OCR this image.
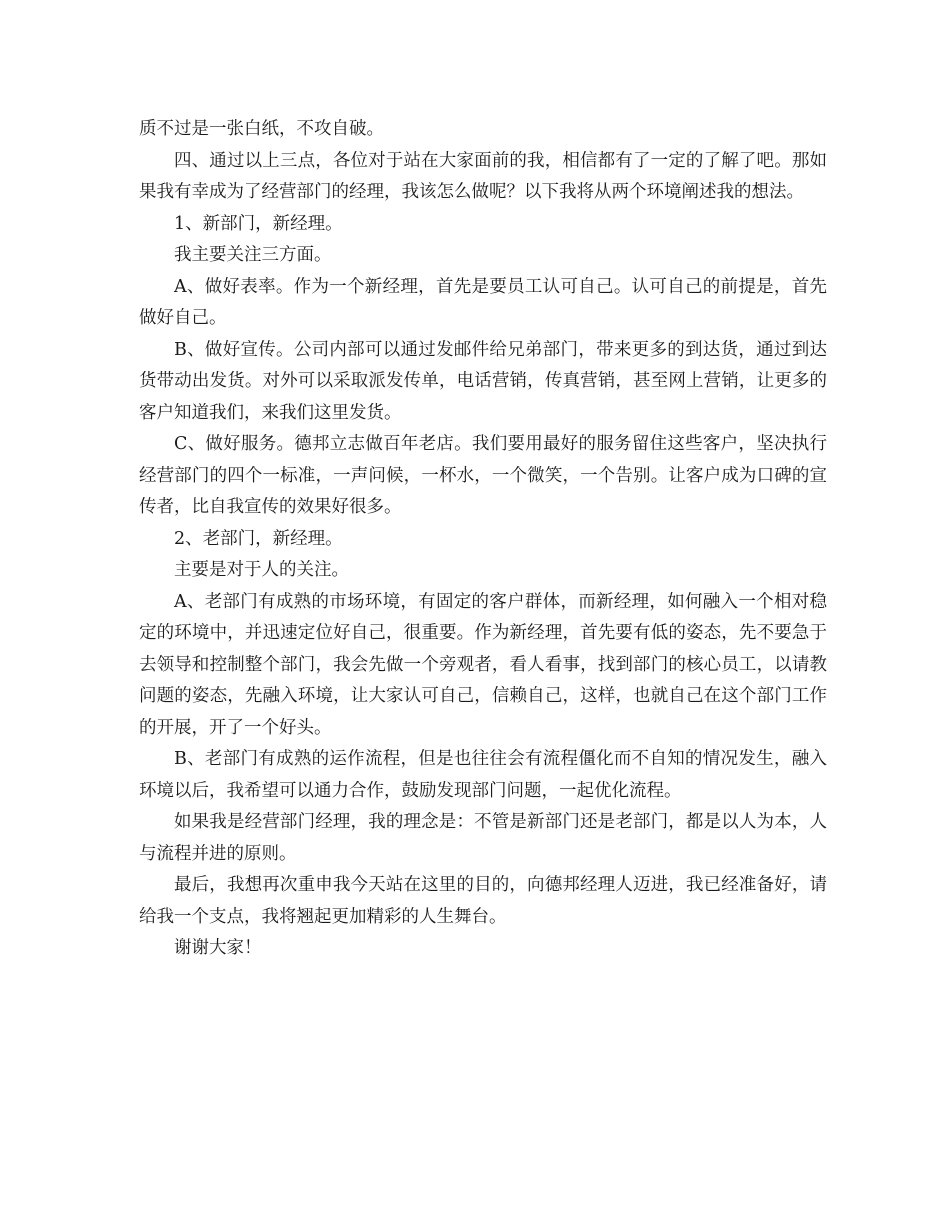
质不过是一张白纸，不攻自破。

四、通过以上三点，各位对于站在大家面前的我，相信都有了一定的了解了吧。那如果我有幸成为了经营部门的经理，我该怎么做呢？以下我将从两个环境阐述我的想法。

1、新部门，新经理。

我主要关注三方面。

A、做好表率。作为一个新经理，首先是要员工认可自己。认可自己的前提是，首先做好自己。

B、做好宣传。公司内部可以通过发邮件给兄弟部门，带来更多的到达货，通过到达货带动出发货。对外可以采取派发传单，电话营销，传真营销，甚至网上营销，让更多的客户知道我们，来我们这里发货。

C、做好服务。德邦立志做百年老店。我们要用最好的服务留住这些客户，坚决执行经营部门的四个一标准，一声问候，一杯水，一个微笑，一个告别。让客户成为口碑的宣传者，比自我宣传的效果好很多。

2、老部门，新经理。

主要是对于人的关注。

A、老部门有成熟的市场环境，有固定的客户群体，而新经理，如何融入一个相对稳定的环境中，并迅速定位好自己，很重要。作为新经理，首先要有低的姿态，先不要急于去领导和控制整个部门，我会先做一个旁观者，看人看事，找到部门的核心员工，以请教问题的姿态，先融入环境，让大家认可自己，信赖自己，这样，也就自己在这个部门工作的开展，开了一个好头。

B、老部门有成熟的运作流程，但是也往往会有流程僵化而不自知的情况发生，融入环境以后，我希望可以通力合作，鼓励发现部门问题，一起优化流程。

如果我是经营部门经理，我的理念是：不管是新部门还是老部门，都是以人为本，人与流程并进的原则。

最后，我想再次重申我今天站在这里的目的，向德邦经理人迈进，我已经准备好，请给我一个支点，我将翘起更加精彩的人生舞台。

谢谢大家！
